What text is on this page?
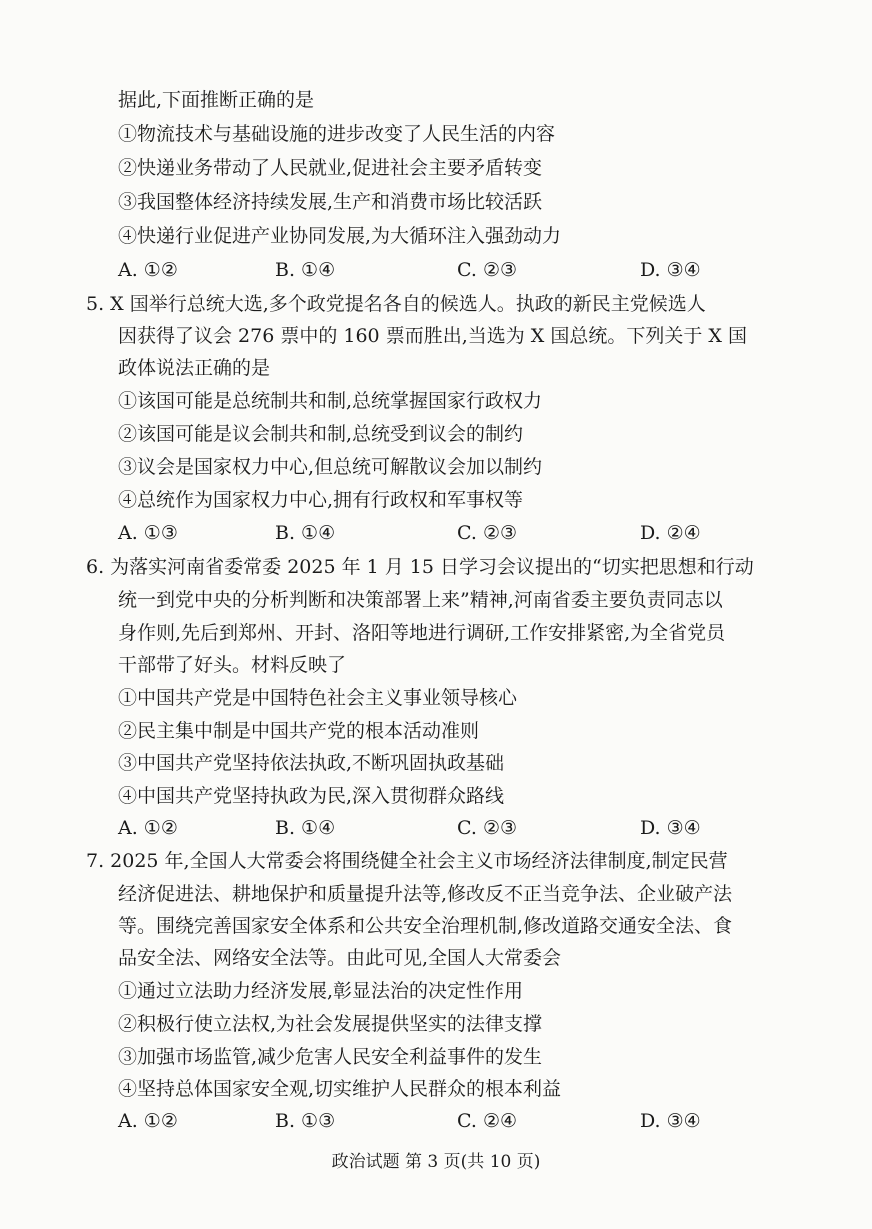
据此,下面推断正确的是
①物流技术与基础设施的进步改变了人民生活的内容
②快递业务带动了人民就业,促进社会主要矛盾转变
③我国整体经济持续发展,生产和消费市场比较活跃
④快递行业促进产业协同发展,为大循环注入强劲动力
A. ①②	B. ①④	C. ②③	D. ③④
5. X 国举行总统大选,多个政党提名各自的候选人。执政的新民主党候选人
因获得了议会 276 票中的 160 票而胜出,当选为 X 国总统。下列关于 X 国
政体说法正确的是
①该国可能是总统制共和制,总统掌握国家行政权力
②该国可能是议会制共和制,总统受到议会的制约
③议会是国家权力中心,但总统可解散议会加以制约
④总统作为国家权力中心,拥有行政权和军事权等
A. ①③	B. ①④	C. ②③	D. ②④
6. 为落实河南省委常委 2025 年 1 月 15 日学习会议提出的“切实把思想和行动
统一到党中央的分析判断和决策部署上来”精神,河南省委主要负责同志以
身作则,先后到郑州、开封、洛阳等地进行调研,工作安排紧密,为全省党员
干部带了好头。材料反映了
①中国共产党是中国特色社会主义事业领导核心
②民主集中制是中国共产党的根本活动准则
③中国共产党坚持依法执政,不断巩固执政基础
④中国共产党坚持执政为民,深入贯彻群众路线
A. ①②	B. ①④	C. ②③	D. ③④
7. 2025 年,全国人大常委会将围绕健全社会主义市场经济法律制度,制定民营
经济促进法、耕地保护和质量提升法等,修改反不正当竞争法、企业破产法
等。围绕完善国家安全体系和公共安全治理机制,修改道路交通安全法、食
品安全法、网络安全法等。由此可见,全国人大常委会
①通过立法助力经济发展,彰显法治的决定性作用
②积极行使立法权,为社会发展提供坚实的法律支撑
③加强市场监管,减少危害人民安全利益事件的发生
④坚持总体国家安全观,切实维护人民群众的根本利益
A. ①②	B. ①③	C. ②④	D. ③④
政治试题 第 3 页(共 10 页)
